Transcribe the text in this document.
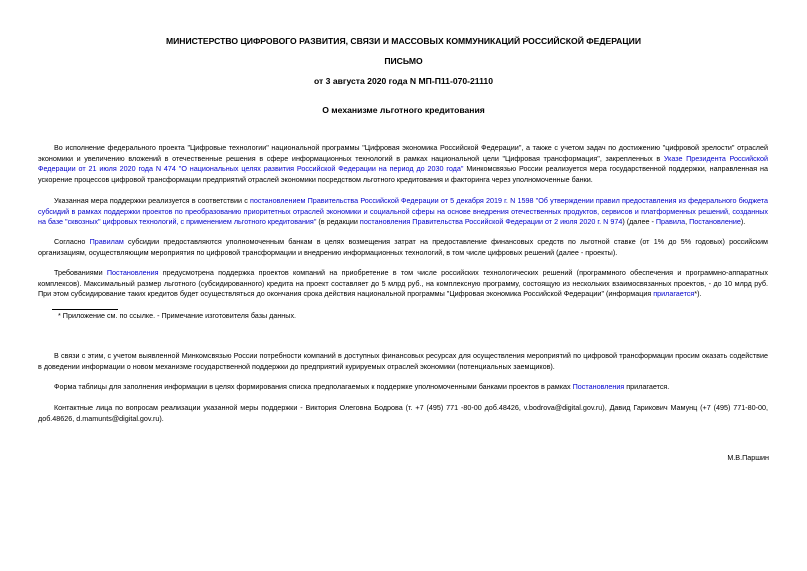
МИНИСТЕРСТВО ЦИФРОВОГО РАЗВИТИЯ, СВЯЗИ И МАССОВЫХ КОММУНИКАЦИЙ РОССИЙСКОЙ ФЕДЕРАЦИИ
ПИСЬМО
от 3 августа 2020 года N МП-П11-070-21110
О механизме льготного кредитования
Во исполнение федерального проекта "Цифровые технологии" национальной программы "Цифровая экономика Российской Федерации", а также с учетом задач по достижению "цифровой зрелости" отраслей экономики и увеличению вложений в отечественные решения в сфере информационных технологий в рамках национальной цели "Цифровая трансформация", закрепленных в Указе Президента Российской Федерации от 21 июля 2020 года N 474 "О национальных целях развития Российской Федерации на период до 2030 года" Минкомсвязью России реализуется мера государственной поддержки, направленная на ускорение процессов цифровой трансформации предприятий отраслей экономики посредством льготного кредитования и факторинга через уполномоченные банки.
Указанная мера поддержки реализуется в соответствии с постановлением Правительства Российской Федерации от 5 декабря 2019 г. N 1598 "Об утверждении правил предоставления из федерального бюджета субсидий в рамках поддержки проектов по преобразованию приоритетных отраслей экономики и социальной сферы на основе внедрения отечественных продуктов, сервисов и платформенных решений, созданных на базе "сквозных" цифровых технологий, с применением льготного кредитования" (в редакции постановления Правительства Российской Федерации от 2 июля 2020 г. N 974) (далее - Правила, Постановление).
Согласно Правилам субсидии предоставляются уполномоченным банкам в целях возмещения затрат на предоставление финансовых средств по льготной ставке (от 1% до 5% годовых) российским организациям, осуществляющим мероприятия по цифровой трансформации и внедрению информационных технологий, в том числе цифровых решений (далее - проекты).
Требованиями Постановления предусмотрена поддержка проектов компаний на приобретение в том числе российских технологических решений (программного обеспечения и программно-аппаратных комплексов). Максимальный размер льготного (субсидированного) кредита на проект составляет до 5 млрд руб., на комплексную программу, состоящую из нескольких взаимосвязанных проектов, - до 10 млрд руб. При этом субсидирование таких кредитов будет осуществляться до окончания срока действия национальной программы "Цифровая экономика Российской Федерации" (информация прилагается*).
* Приложение см. по ссылке. - Примечание изготовителя базы данных.
В связи с этим, с учетом выявленной Минкомсвязью России потребности компаний в доступных финансовых ресурсах для осуществления мероприятий по цифровой трансформации просим оказать содействие в доведении информации о новом механизме государственной поддержки до предприятий курируемых отраслей экономики (потенциальных заемщиков).
Форма таблицы для заполнения информации в целях формирования списка предполагаемых к поддержке уполномоченными банками проектов в рамках Постановления прилагается.
Контактные лица по вопросам реализации указанной меры поддержки - Виктория Олеговна Бодрова (т. +7 (495) 771 -80-00 доб.48426, v.bodrova@digital.gov.ru), Давид Гарикович Мамунц (+7 (495) 771-80-00, доб.48626, d.mamunts@digital.gov.ru).
М.В.Паршин
